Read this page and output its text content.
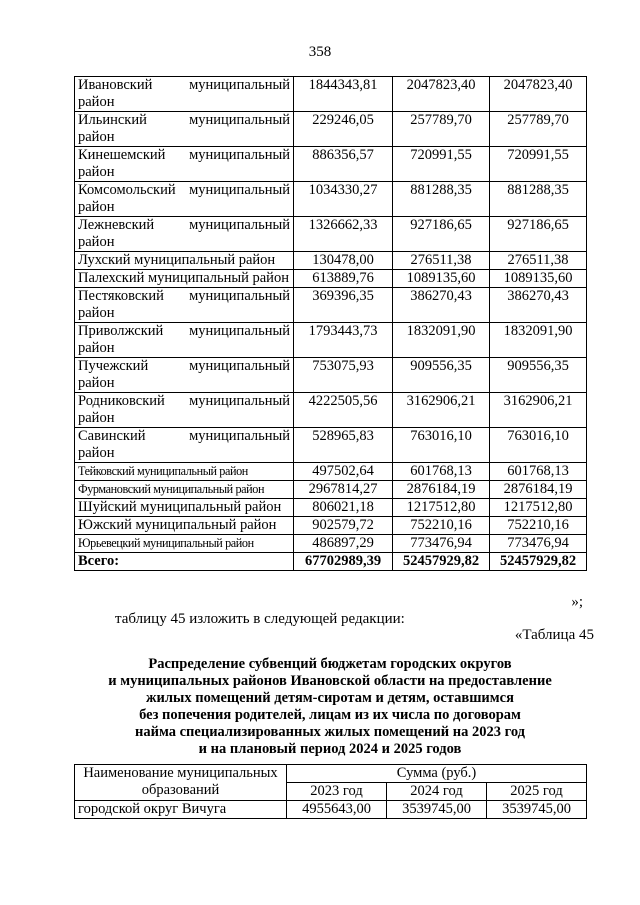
358
Ивановский муниципальный район	1844343,81	2047823,40	2047823,40
Ильинский муниципальный район	229246,05	257789,70	257789,70
Кинешемский муниципальный район	886356,57	720991,55	720991,55
Комсомольский муниципальный район	1034330,27	881288,35	881288,35
Лежневский муниципальный район	1326662,33	927186,65	927186,65
Лухский муниципальный район	130478,00	276511,38	276511,38
Палехский муниципальный район	613889,76	1089135,60	1089135,60
Пестяковский муниципальный район	369396,35	386270,43	386270,43
Приволжский муниципальный район	1793443,73	1832091,90	1832091,90
Пучежский муниципальный район	753075,93	909556,35	909556,35
Родниковский муниципальный район	4222505,56	3162906,21	3162906,21
Савинский муниципальный район	528965,83	763016,10	763016,10
Тейковский муниципальный район	497502,64	601768,13	601768,13
Фурмановский муниципальный район	2967814,27	2876184,19	2876184,19
Шуйский муниципальный район	806021,18	1217512,80	1217512,80
Южский муниципальный район	902579,72	752210,16	752210,16
Юрьевецкий муниципальный район	486897,29	773476,94	773476,94
Всего:	67702989,39	52457929,82	52457929,82
»;
таблицу 45 изложить в следующей редакции:
«Таблица 45
Распределение субвенций бюджетам городских округов
и муниципальных районов Ивановской области на предоставление
жилых помещений детям-сиротам и детям, оставшимся
без попечения родителей, лицам из их числа по договорам
найма специализированных жилых помещений на 2023 год
и на плановый период 2024 и 2025 годов
Наименование муниципальных образований	Сумма (руб.)		
	2023 год	2024 год	2025 год
городской округ Вичуга	4955643,00	3539745,00	3539745,00
